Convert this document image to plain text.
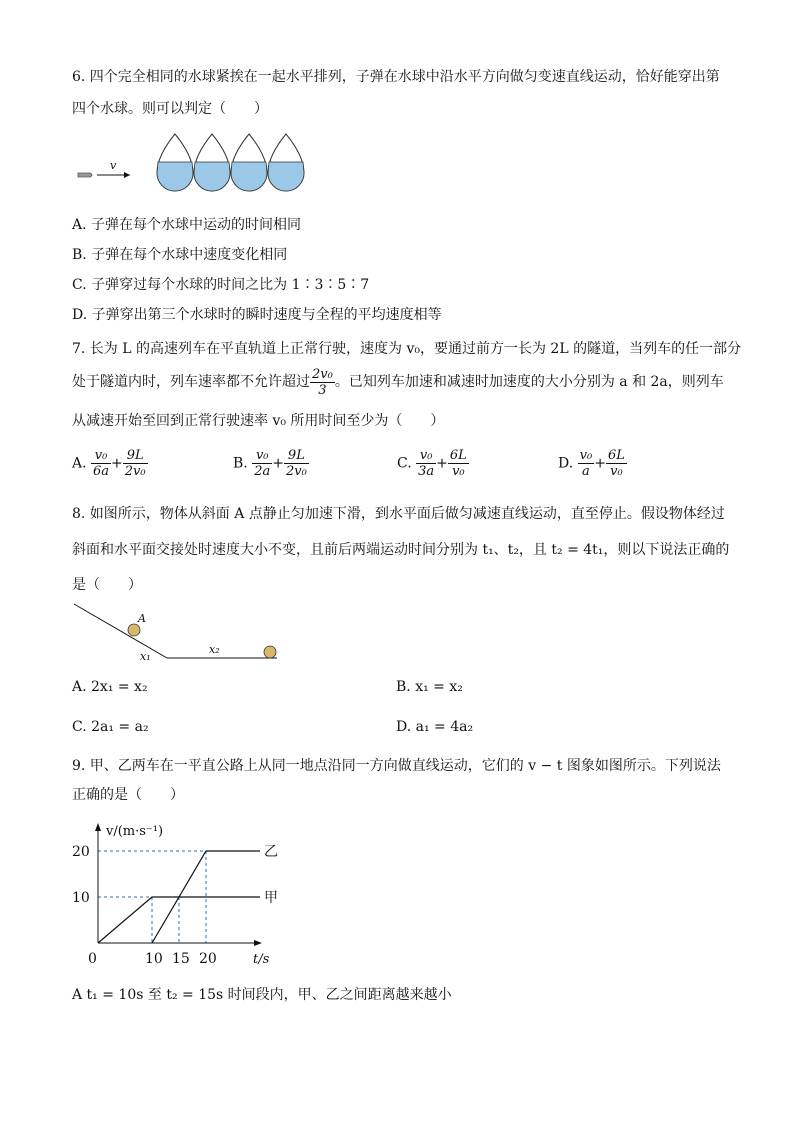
6. 四个完全相同的水球紧挨在一起水平排列，子弹在水球中沿水平方向做匀变速直线运动，恰好能穿出第
四个水球。则可以判定（　　）
v
A. 子弹在每个水球中运动的时间相同
B. 子弹在每个水球中速度变化相同
C. 子弹穿过每个水球的时间之比为 1∶3∶5∶7
D. 子弹穿出第三个水球时的瞬时速度与全程的平均速度相等
7. 长为 L 的高速列车在平直轨道上正常行驶，速度为 v₀，要通过前方一长为 2L 的隧道，当列车的任一部分
处于隧道内时，列车速率都不允许超过 $\frac{\text{2v₀}}{3}$ 。已知列车加速和减速时加速度的大小分别为 a 和 2a，则列车
从减速开始至回到正常行驶速率 v₀ 所用时间至少为（　　）
A. $\frac{\text{v₀}}{6a} + \frac{9L}{\text{2v₀}}$	B. $\frac{\text{v₀}}{2a} + \frac{9L}{\text{2v₀}}$	C. $\frac{\text{v₀}}{3a} + \frac{6L}{\text{v₀}}$	D. $\frac{\text{v₀}}{a} + \frac{6L}{\text{v₀}}$
8. 如图所示，物体从斜面 A 点静止匀加速下滑，到水平面后做匀减速直线运动，直至停止。假设物体经过
斜面和水平面交接处时速度大小不变，且前后两端运动时间分别为 t₁、t₂，且 t₂ = 4t₁，则以下说法正确的
是（　　）
A
x₁
x₂
A. 2x₁ = x₂	B. x₁ = x₂
C. 2a₁ = a₂	D. a₁ = 4a₂
9. 甲、乙两车在一平直公路上从同一地点沿同一方向做直线运动，它们的 v − t 图象如图所示。下列说法
正确的是（　　）
v/(m·s⁻¹)
t/s
0	10 15 20
10
20
甲
乙
A t₁ = 10s 至 t₂ = 15s 时间段内，甲、乙之间距离越来越小
